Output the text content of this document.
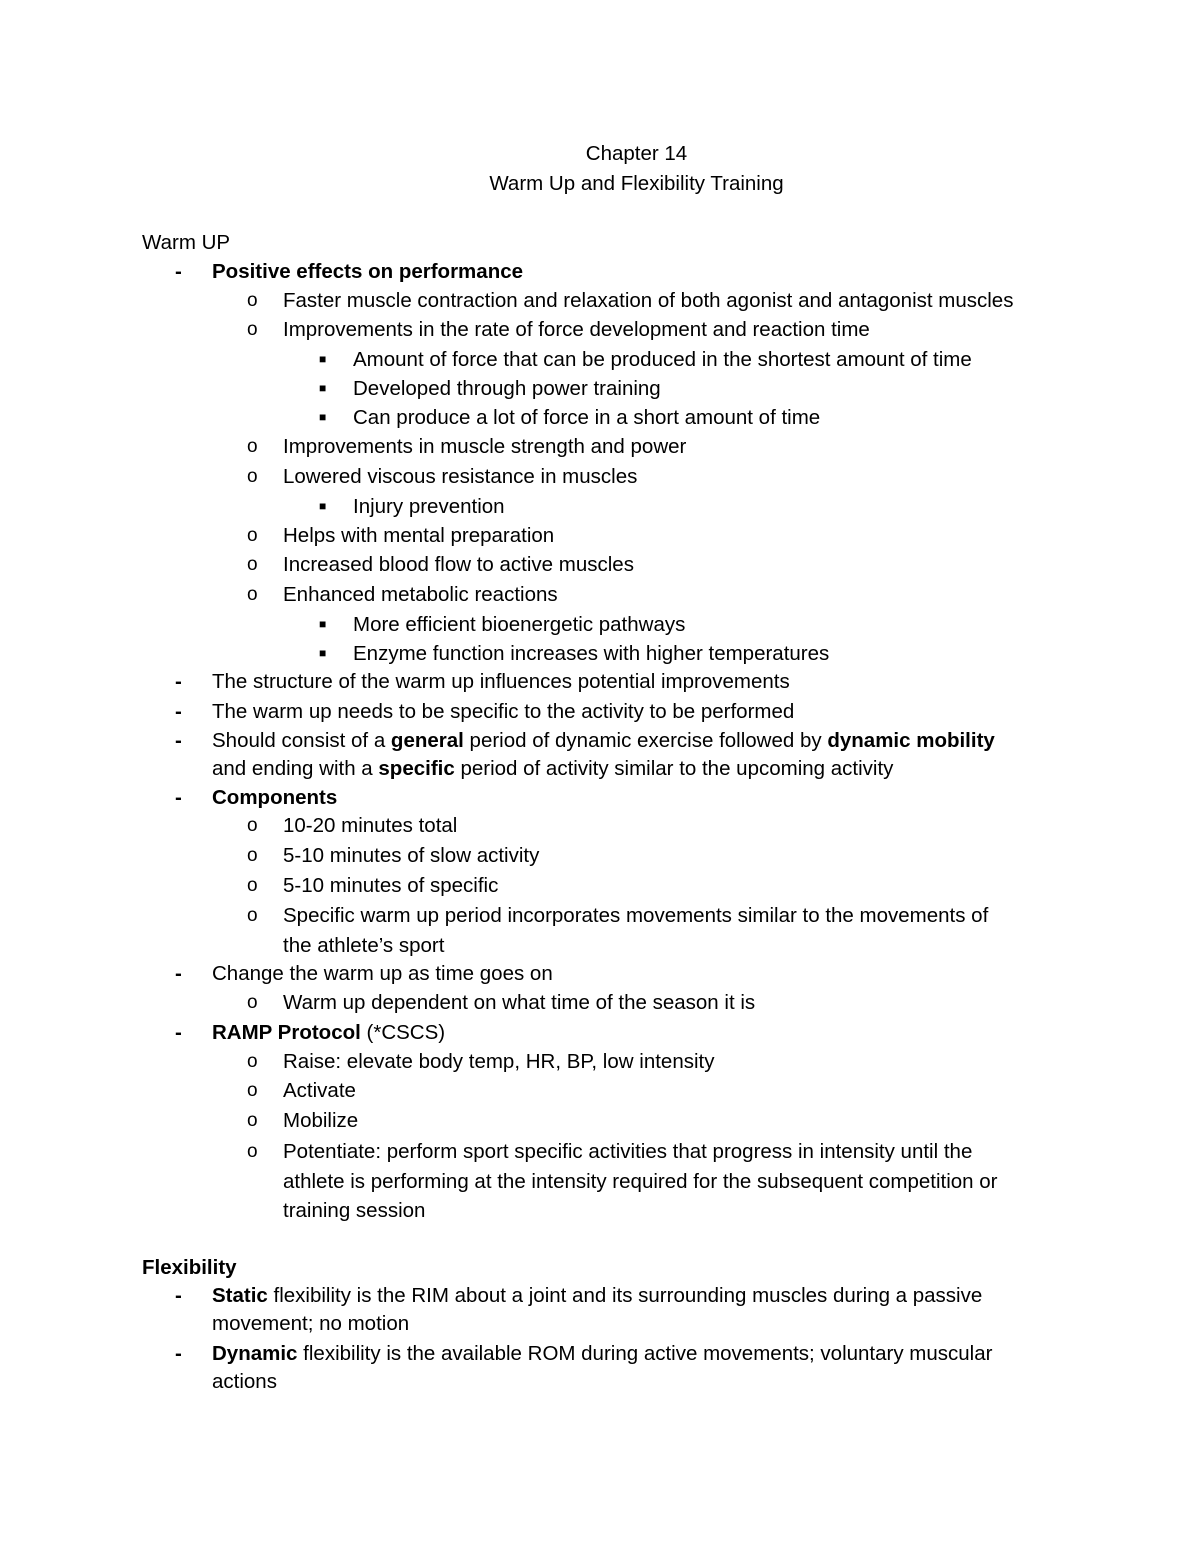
Chapter 14
Warm Up and Flexibility Training
Warm UP
- Positive effects on performance
o Faster muscle contraction and relaxation of both agonist and antagonist muscles
o Improvements in the rate of force development and reaction time
■ Amount of force that can be produced in the shortest amount of time
■ Developed through power training
■ Can produce a lot of force in a short amount of time
o Improvements in muscle strength and power
o Lowered viscous resistance in muscles
■ Injury prevention
o Helps with mental preparation
o Increased blood flow to active muscles
o Enhanced metabolic reactions
■ More efficient bioenergetic pathways
■ Enzyme function increases with higher temperatures
- The structure of the warm up influences potential improvements
- The warm up needs to be specific to the activity to be performed
- Should consist of a general period of dynamic exercise followed by dynamic mobility
and ending with a specific period of activity similar to the upcoming activity
- Components
o 10-20 minutes total
o 5-10 minutes of slow activity
o 5-10 minutes of specific
o Specific warm up period incorporates movements similar to the movements of
the athlete’s sport
- Change the warm up as time goes on
o Warm up dependent on what time of the season it is
- RAMP Protocol (*CSCS)
o Raise: elevate body temp, HR, BP, low intensity
o Activate
o Mobilize
o Potentiate: perform sport specific activities that progress in intensity until the
athlete is performing at the intensity required for the subsequent competition or
training session
Flexibility
- Static flexibility is the RIM about a joint and its surrounding muscles during a passive
movement; no motion
- Dynamic flexibility is the available ROM during active movements; voluntary muscular
actions
